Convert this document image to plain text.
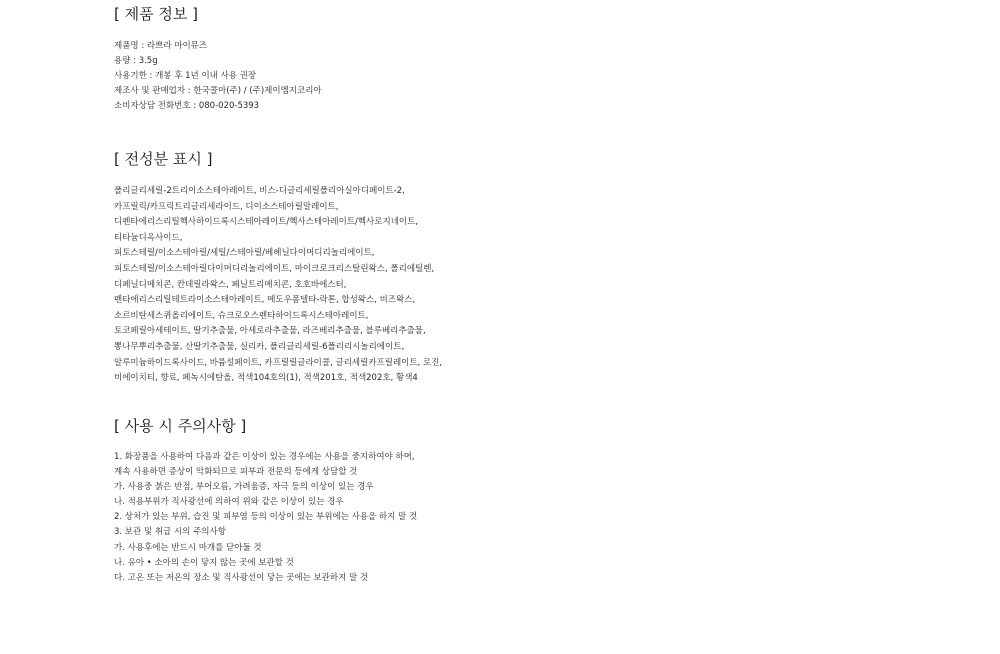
[ 제품 정보 ]
제품명 : 라쁘라 마이뮤즈
용량 : 3.5g
사용기한 : 개봉 후 1년 이내 사용 권장
제조사 및 판매업자 : 한국콜마(주) / (주)제이엠지코리아
소비자상담 전화번호 : 080-020-5393
[ 전성분 표시 ]
폴리글리세릴-2트리이소스테아레이트, 비스-디글리세릴폴리아실아디페이트-2,
카프릴릭/카프릭트리글리세라이드, 디이소스테아릴말레이트,
디펜타에리스리틸헥사하이드록시스테아레이트/헥사스테아레이트/헥사로지네이트,
티타늄디옥사이드,
피토스테릴/이소스테아릴/세틸/스테아릴/베헤닐다이머디리놀리에이트,
피토스테릴/이소스테아릴다이머디리놀리에이트, 마이크로크리스탈린왁스, 폴리에틸렌,
디페닐디메치콘, 칸데릴라왁스, 페닐트리메치콘, 호호바에스터,
펜타에리스리틸테트라이소스테아레이트, 메도우폼델타-락톤, 합성왁스, 비즈왁스,
소르비탄세스퀴올리에이트, 슈크로오스펜타하이드록시스테아레이트,
토코페릴아세테이트, 딸기추출물, 아세로라추출물, 라즈베리추출물, 블루베리추출물,
뽕나무뿌리추출물, 산딸기추출물, 실리카, 폴리글리세릴-6폴리리시놀리에이트,
알루미늄하이드록사이드, 바륨설페이트, 카프릴릴글라이콜, 글리세릴카프릴레이트, 로진,
비에이치티, 향료, 페녹시에탄올, 적색104호의(1), 적색201호, 적색202호, 황색4
[ 사용 시 주의사항 ]
1. 화장품을 사용하여 다음과 같은 이상이 있는 경우에는 사용을 중지하여야 하며,
계속 사용하면 증상이 악화되므로 피부과 전문의 등에게 상담할 것
가. 사용중 붉은 반점, 부어오름, 가려움증, 자극 등의 이상이 있는 경우
나. 적용부위가 직사광선에 의하여 위와 같은 이상이 있는 경우
2. 상처가 있는 부위, 습진 및 피부염 등의 이상이 있는 부위에는 사용을 하지 말 것
3. 보관 및 취급 시의 주의사항
가. 사용후에는 반드시 마개를 닫아둘 것
나. 유아 • 소아의 손이 닿지 않는 곳에 보관할 것
다. 고온 또는 저온의 장소 및 직사광선이 닿는 곳에는 보관하지 말 것
